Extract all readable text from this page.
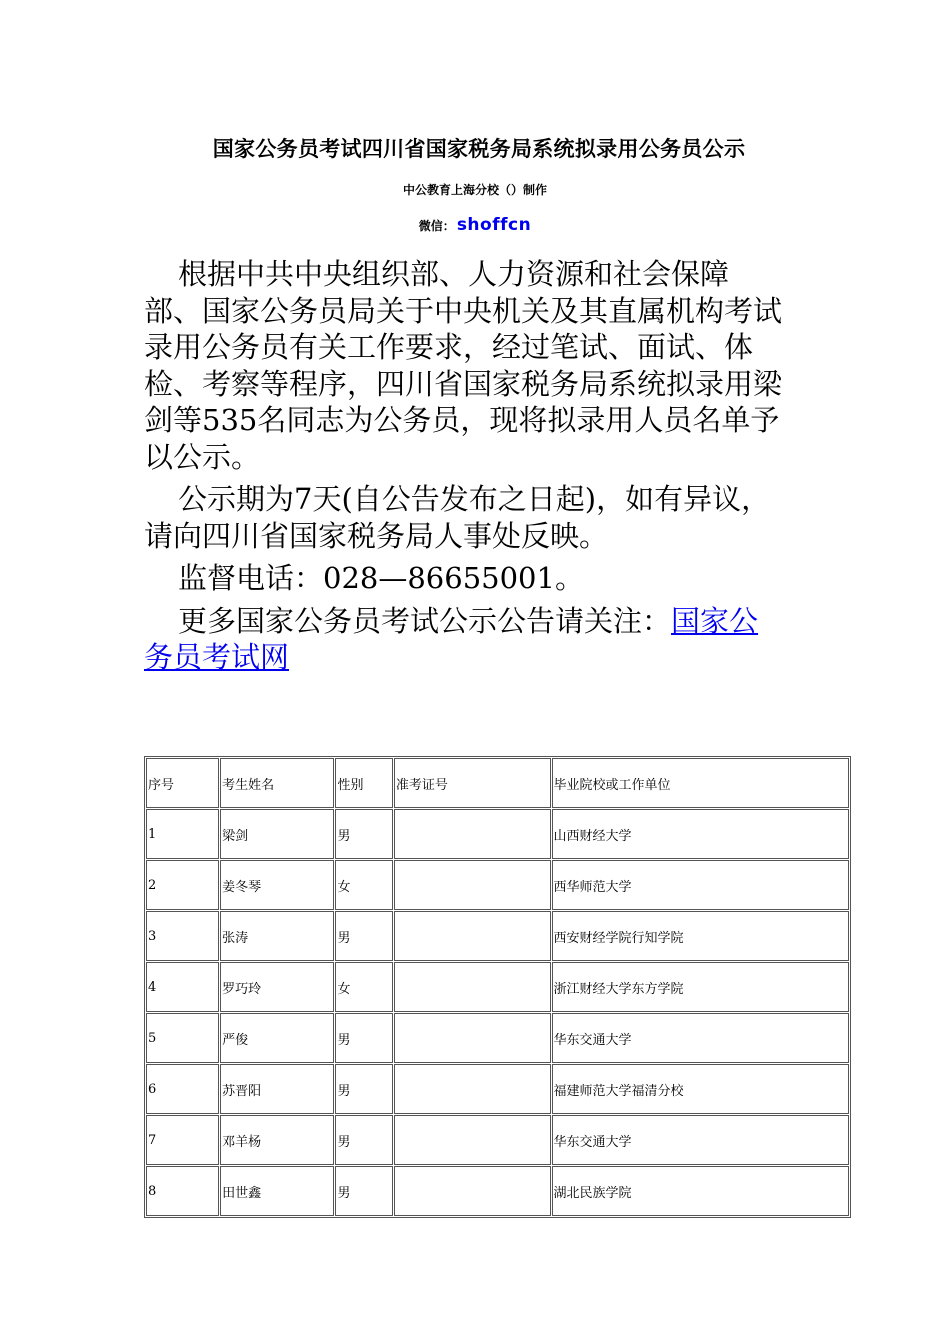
国家公务员考试四川省国家税务局系统拟录用公务员公示
中公教育上海分校（）制作
微信： shoffcn

根据中共中央组织部、人力资源和社会保障部、国家公务员局关于中央机关及其直属机构考试录用公务员有关工作要求，经过笔试、面试、体检、考察等程序，四川省国家税务局系统拟录用梁剑等535名同志为公务员，现将拟录用人员名单予以公示。

公示期为7天(自公告发布之日起)，如有异议，请向四川省国家税务局人事处反映。

监督电话：028—86655001。

更多国家公务员考试公示公告请关注：国家公务员考试网

序号	考生姓名	性别	准考证号	毕业院校或工作单位
1	梁剑	男		山西财经大学
2	姜冬琴	女		西华师范大学
3	张涛	男		西安财经学院行知学院
4	罗巧玲	女		浙江财经大学东方学院
5	严俊	男		华东交通大学
6	苏晋阳	男		福建师范大学福清分校
7	邓羊杨	男		华东交通大学
8	田世鑫	男		湖北民族学院
